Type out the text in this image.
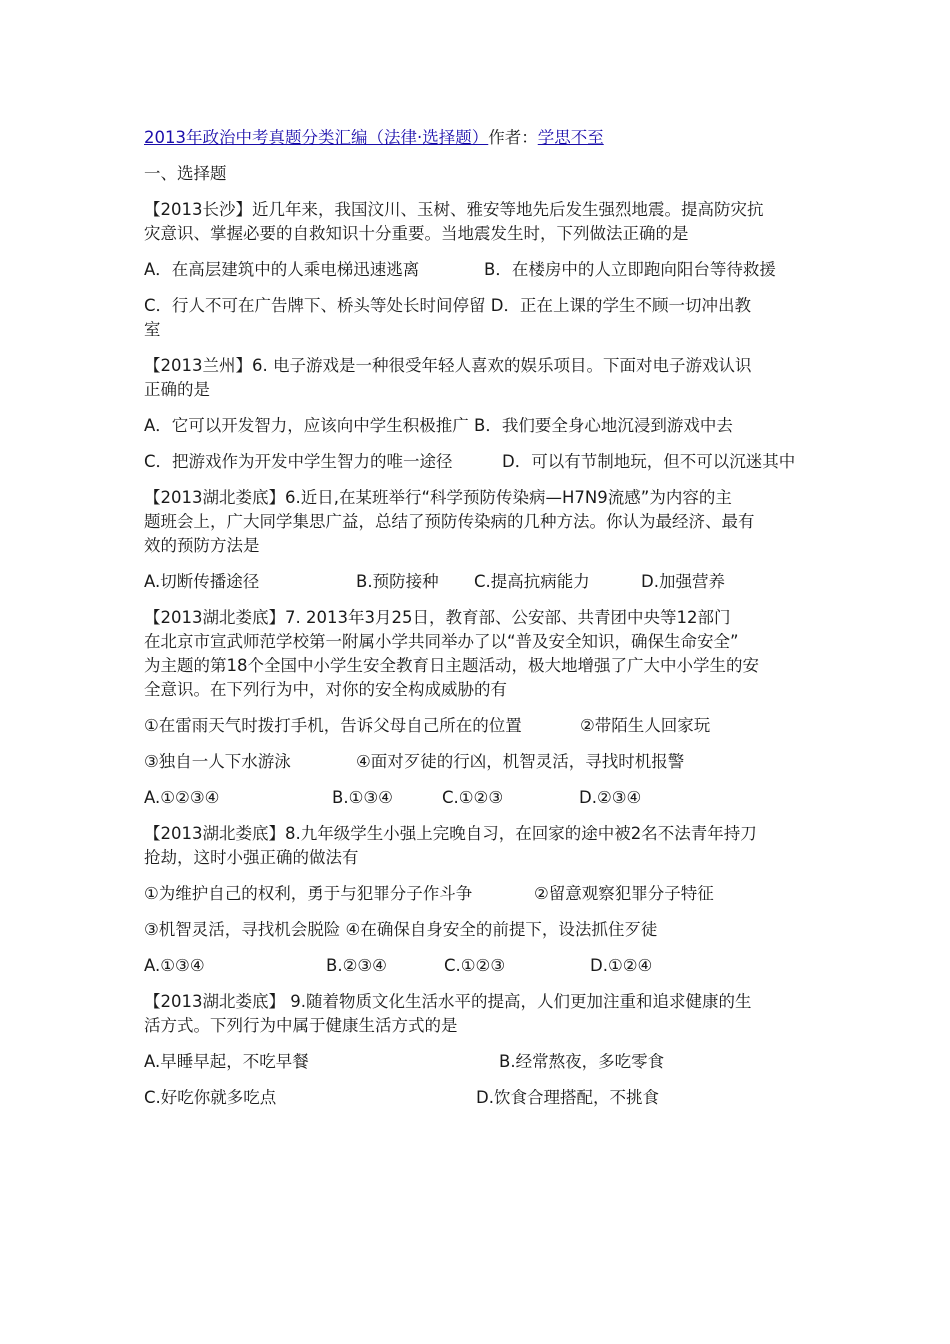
2013年政治中考真题分类汇编（法律·选择题）作者：学思不至
一、选择题
【2013长沙】近几年来，我国汶川、玉树、雅安等地先后发生强烈地震。提高防灾抗
灾意识、掌握必要的自救知识十分重要。当地震发生时，下列做法正确的是
A．在高层建筑中的人乘电梯迅速逃离	B．在楼房中的人立即跑向阳台等待救援
C．行人不可在广告牌下、桥头等处长时间停留 D．正在上课的学生不顾一切冲出教
室
【2013兰州】6. 电子游戏是一种很受年轻人喜欢的娱乐项目。下面对电子游戏认识
正确的是
A．它可以开发智力，应该向中学生积极推广 B．我们要全身心地沉浸到游戏中去
C．把游戏作为开发中学生智力的唯一途径	D．可以有节制地玩，但不可以沉迷其中
【2013湖北娄底】6.近日,在某班举行“科学预防传染病—H7N9流感”为内容的主
题班会上，广大同学集思广益，总结了预防传染病的几种方法。你认为最经济、最有
效的预防方法是
A.切断传播途径	B.预防接种 C.提高抗病能力	D.加强营养
【2013湖北娄底】7. 2013年3月25日，教育部、公安部、共青团中央等12部门
在北京市宣武师范学校第一附属小学共同举办了以“普及安全知识，确保生命安全”
为主题的第18个全国中小学生安全教育日主题活动，极大地增强了广大中小学生的安
全意识。在下列行为中，对你的安全构成威胁的有
①在雷雨天气时拨打手机，告诉父母自己所在的位置	②带陌生人回家玩
③独自一人下水游泳	④面对歹徒的行凶，机智灵活，寻找时机报警
A.①②③④	B.①③④	C.①②③	D.②③④
【2013湖北娄底】8.九年级学生小强上完晚自习，在回家的途中被2名不法青年持刀
抢劫，这时小强正确的做法有
①为维护自己的权利，勇于与犯罪分子作斗争	②留意观察犯罪分子特征
③机智灵活，寻找机会脱险 ④在确保自身安全的前提下，设法抓住歹徒
A.①③④	B.②③④	C.①②③	D.①②④
【2013湖北娄底】 9.随着物质文化生活水平的提高，人们更加注重和追求健康的生
活方式。下列行为中属于健康生活方式的是
A.早睡早起，不吃早餐	B.经常熬夜，多吃零食
C.好吃你就多吃点	D.饮食合理搭配，不挑食
